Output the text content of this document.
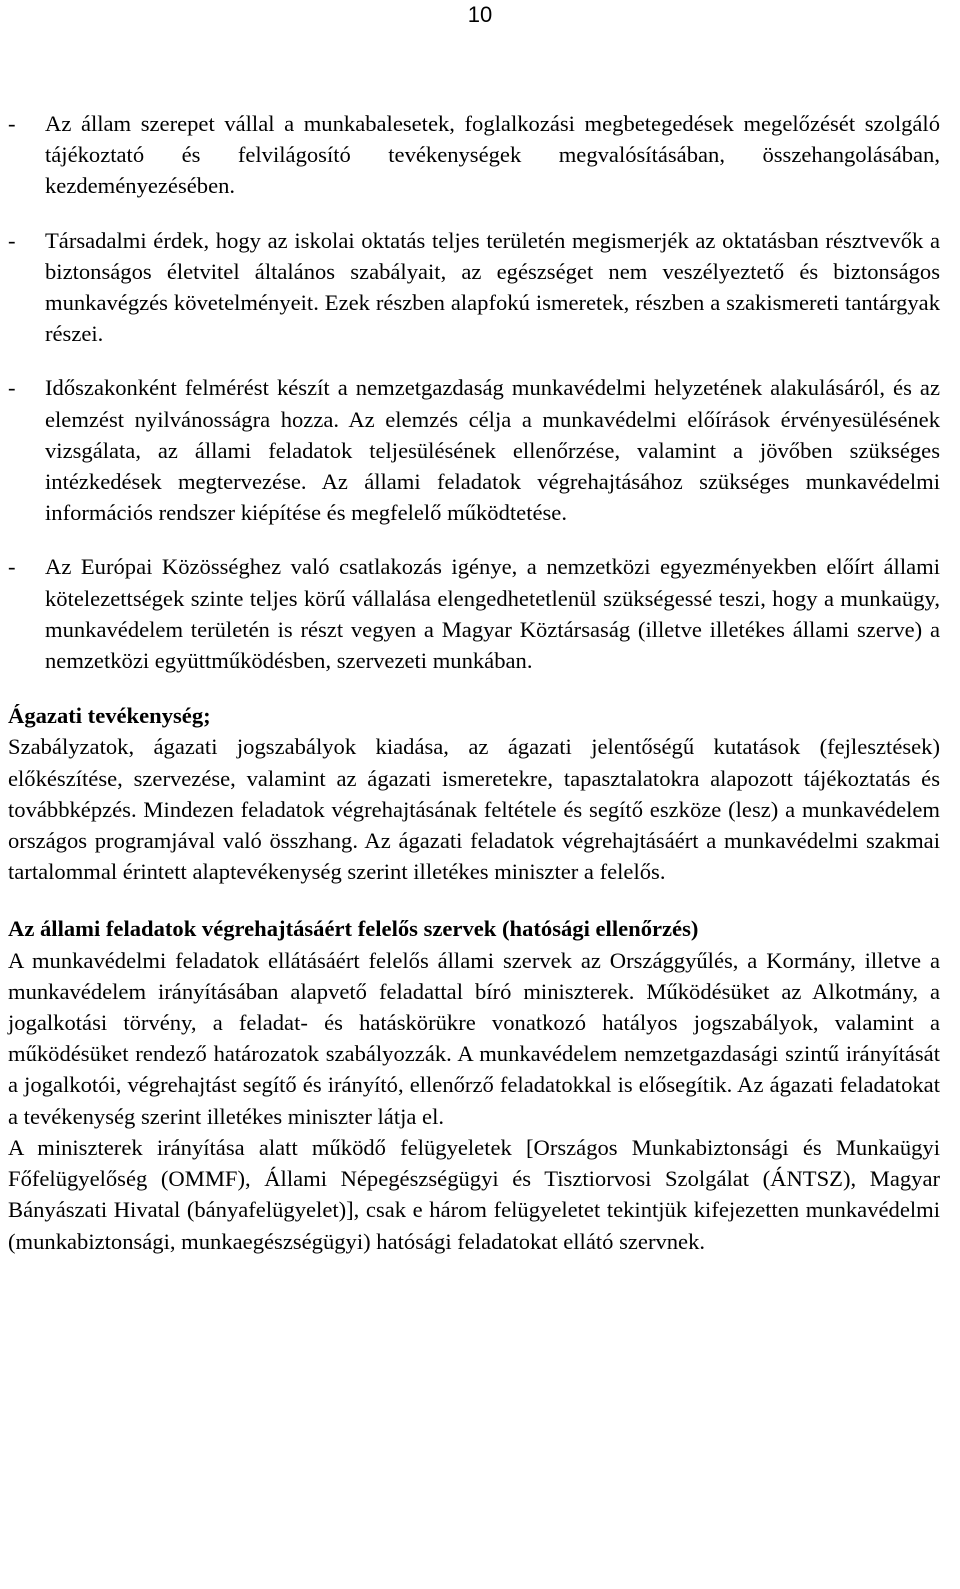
10
-	Az állam szerepet vállal a munkabalesetek, foglalkozási megbetegedések megelőzését szolgáló tájékoztató és felvilágosító tevékenységek megvalósításában, összehangolásában, kezdeményezésében.
-	Társadalmi érdek, hogy az iskolai oktatás teljes területén megismerjék az oktatásban résztvevők a biztonságos életvitel általános szabályait, az egészséget nem veszélyeztető és biztonságos munkavégzés követelményeit. Ezek részben alapfokú ismeretek, részben a szakismereti tantárgyak részei.
-	Időszakonként felmérést készít a nemzetgazdaság munkavédelmi helyzetének alakulásáról, és az elemzést nyilvánosságra hozza. Az elemzés célja a munkavédelmi előírások érvényesülésének vizsgálata, az állami feladatok teljesülésének ellenőrzése, valamint a jövőben szükséges intézkedések megtervezése. Az állami feladatok végrehajtásához szükséges munkavédelmi információs rendszer kiépítése és megfelelő működtetése.
-	Az Európai Közösséghez való csatlakozás igénye, a nemzetközi egyezményekben előírt állami kötelezettségek szinte teljes körű vállalása elengedhetetlenül szükségessé teszi, hogy a munkaügy, munkavédelem területén is részt vegyen a Magyar Köztársaság (illetve illetékes állami szerve) a nemzetközi együttműködésben, szervezeti munkában.

Ágazati tevékenység;

Szabályzatok, ágazati jogszabályok kiadása, az ágazati jelentőségű kutatások (fejlesztések) előkészítése, szervezése, valamint az ágazati ismeretekre, tapasztalatokra alapozott tájékoztatás és továbbképzés. Mindezen feladatok végrehajtásának feltétele és segítő eszköze (lesz) a munkavédelem országos programjával való összhang. Az ágazati feladatok végrehajtásáért a munkavédelmi szakmai tartalommal érintett alaptevékenység szerint illetékes miniszter a felelős.

Az állami feladatok végrehajtásáért felelős szervek (hatósági ellenőrzés)

A munkavédelmi feladatok ellátásáért felelős állami szervek az Országgyűlés, a Kormány, illetve a munkavédelem irányításában alapvető feladattal bíró miniszterek. Működésüket az Alkotmány, a jogalkotási törvény, a feladat- és hatáskörükre vonatkozó hatályos jogszabályok, valamint a működésüket rendező határozatok szabályozzák. A munkavédelem nemzetgazdasági szintű irányítását a jogalkotói, végrehajtást segítő és irányító, ellenőrző feladatokkal is elősegítik. Az ágazati feladatokat a tevékenység szerint illetékes miniszter látja el.

A miniszterek irányítása alatt működő felügyeletek [Országos Munkabiztonsági és Munkaügyi Főfelügyelőség (OMMF), Állami Népegészségügyi és Tisztiorvosi Szolgálat (ÁNTSZ), Magyar Bányászati Hivatal (bányafelügyelet)], csak e három felügyeletet tekintjük kifejezetten munkavédelmi (munkabiztonsági, munkaegészségügyi) hatósági feladatokat ellátó szervnek.
